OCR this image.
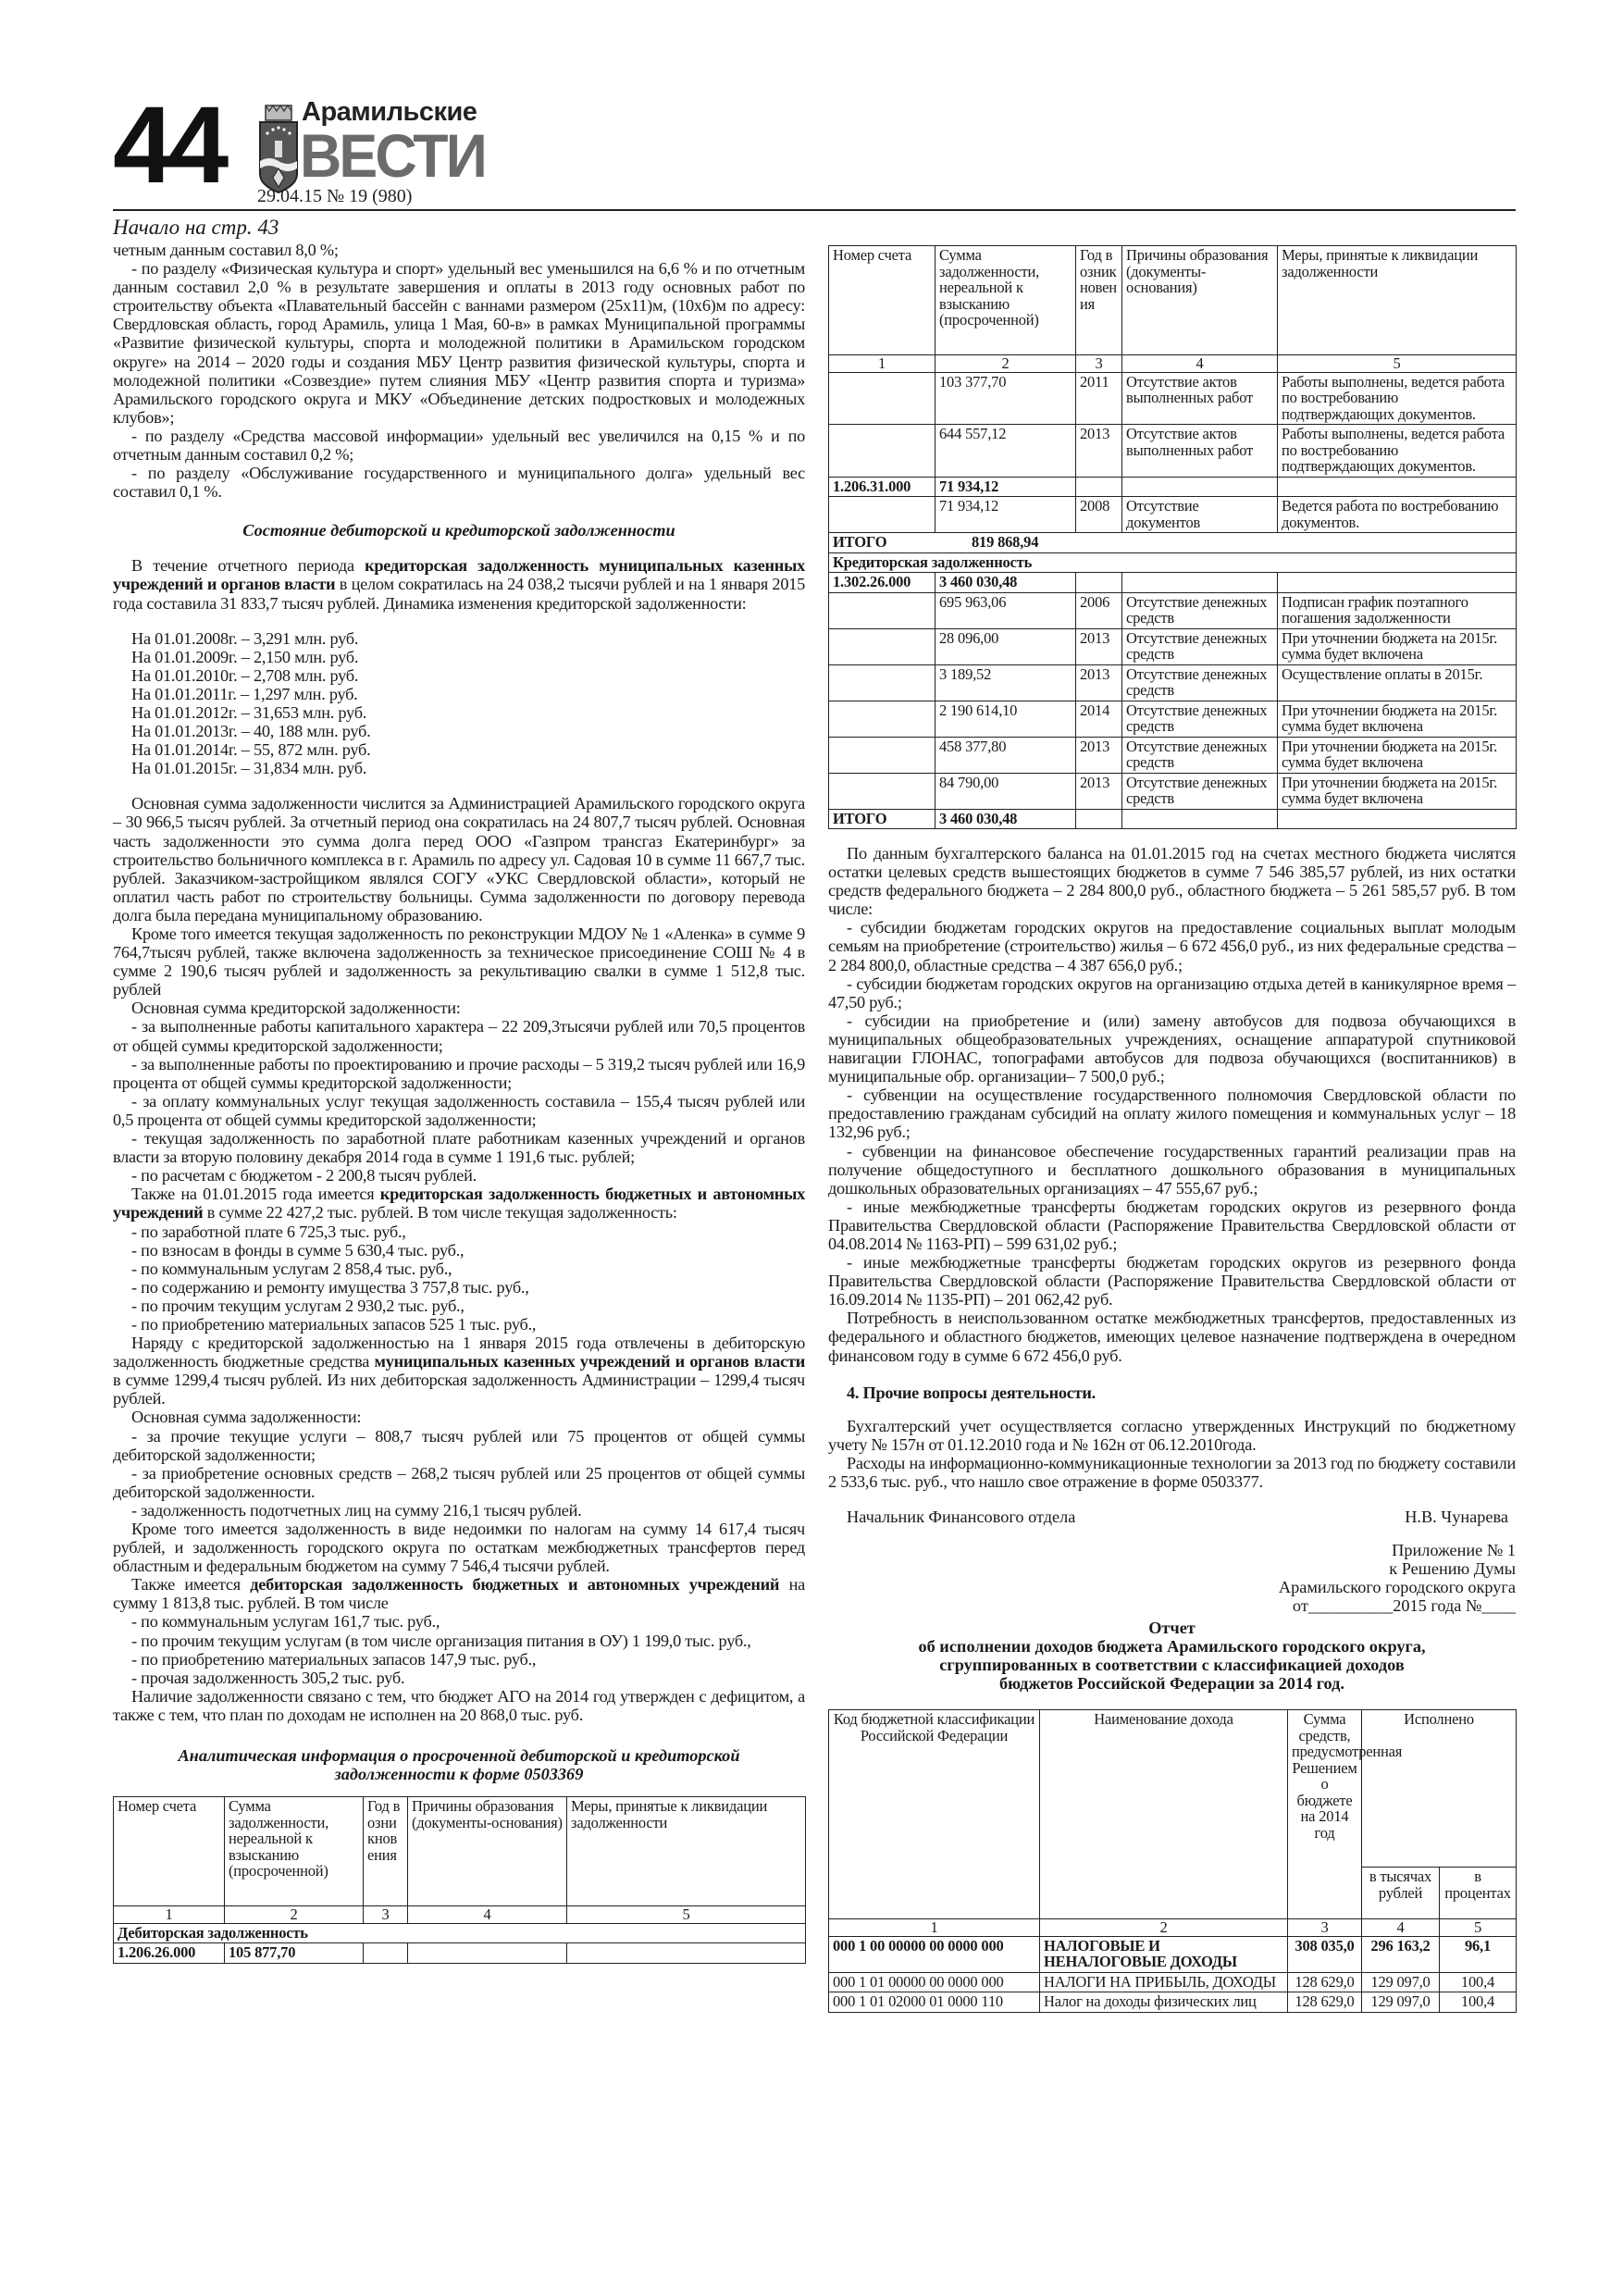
44	Арамильские
ВЕСТИ
29.04.15 № 19 (980)
Начало на стр. 43

четным данным составил 8,0 %;

- по разделу «Физическая культура и спорт» удельный вес уменьшился на 6,6 % и по отчетным данным составил 2,0 % в результате завершения и оплаты в 2013 году основных работ по строительству объекта «Плавательный бассейн с ваннами размером (25х11)м, (10х6)м по адресу: Свердловская область, город Арамиль, улица 1 Мая, 60-в» в рамках Муниципальной программы «Развитие физической культуры, спорта и молодежной политики в Арамильском городском округе» на 2014 – 2020 годы и создания МБУ Центр развития физической культуры, спорта и молодежной политики «Созвездие» путем слияния МБУ «Центр развития спорта и туризма» Арамильского городского округа и МКУ «Объединение детских подростковых и молодежных клубов»;

- по разделу «Средства массовой информации» удельный вес увеличился на 0,15 % и по отчетным данным составил 0,2 %;

- по разделу «Обслуживание государственного и муниципального долга» удельный вес составил 0,1 %.

Состояние дебиторской и кредиторской задолженности

В течение отчетного периода кредиторская задолженность муниципальных казенных учреждений и органов власти в целом сократилась на 24 038,2 тысячи рублей и на 1 января 2015 года составила 31 833,7 тысяч рублей. Динамика изменения кредиторской задолженности:

На 01.01.2008г. – 3,291 млн. руб.
На 01.01.2009г. – 2,150 млн. руб.
На 01.01.2010г. – 2,708 млн. руб.
На 01.01.2011г. – 1,297 млн. руб.
На 01.01.2012г. – 31,653 млн. руб.
На 01.01.2013г. – 40, 188 млн. руб.
На 01.01.2014г. – 55, 872 млн. руб.
На 01.01.2015г. – 31,834 млн. руб.

Основная сумма задолженности числится за Администрацией Арамильского городского округа – 30 966,5 тысяч рублей. За отчетный период она сократилась на 24 807,7 тысяч рублей. Основная часть задолженности это сумма долга перед ООО «Газпром трансгаз Екатеринбург» за строительство больничного комплекса в г. Арамиль по адресу ул. Садовая 10 в сумме 11 667,7 тыс. рублей. Заказчиком-застройщиком являлся СОГУ «УКС Свердловской области», который не оплатил часть работ по строительству больницы. Сумма задолженности по договору перевода долга была передана муниципальному образованию.

Кроме того имеется текущая задолженность по реконструкции МДОУ № 1 «Аленка» в сумме 9 764,7тысяч рублей, также включена задолженность за техническое присоединение СОШ № 4 в сумме 2 190,6 тысяч рублей и задолженность за рекультивацию свалки в сумме 1 512,8 тыс. рублей

Основная сумма кредиторской задолженности:

- за выполненные работы капитального характера – 22 209,3тысячи рублей или 70,5 процентов от общей суммы кредиторской задолженности;

- за выполненные работы по проектированию и прочие расходы – 5 319,2 тысяч рублей или 16,9 процента от общей суммы кредиторской задолженности;

- за оплату коммунальных услуг текущая задолженность составила – 155,4 тысяч рублей или 0,5 процента от общей суммы кредиторской задолженности;

- текущая задолженность по заработной плате работникам казенных учреждений и органов власти за вторую половину декабря 2014 года в сумме 1 191,6 тыс. рублей;

- по расчетам с бюджетом - 2 200,8 тысяч рублей.

Также на 01.01.2015 года имеется кредиторская задолженность бюджетных и автономных учреждений в сумме 22 427,2 тыс. рублей. В том числе текущая задолженность:

- по заработной плате 6 725,3 тыс. руб.,

- по взносам в фонды в сумме 5 630,4 тыс. руб.,

- по коммунальным услугам 2 858,4 тыс. руб.,

- по содержанию и ремонту имущества 3 757,8 тыс. руб.,

- по прочим текущим услугам 2 930,2 тыс. руб.,

- по приобретению материальных запасов 525 1 тыс. руб.,

Наряду с кредиторской задолженностью на 1 января 2015 года отвлечены в дебиторскую задолженность бюджетные средства муниципальных казенных учреждений и органов власти в сумме 1299,4 тысяч рублей. Из них дебиторская задолженность Администрации – 1299,4 тысяч рублей.

Основная сумма задолженности:

- за прочие текущие услуги – 808,7 тысяч рублей или 75 процентов от общей суммы дебиторской задолженности;

- за приобретение основных средств – 268,2 тысяч рублей или 25 процентов от общей суммы дебиторской задолженности.

- задолженность подотчетных лиц на сумму 216,1 тысяч рублей.

Кроме того имеется задолженность в виде недоимки по налогам на сумму 14 617,4 тысяч рублей, и задолженность городского округа по остаткам межбюджетных трансфертов перед областным и федеральным бюджетом на сумму 7 546,4 тысячи рублей.

Также имеется дебиторская задолженность бюджетных и автономных учреждений на сумму 1 813,8 тыс. рублей. В том числе

- по коммунальным услугам 161,7 тыс. руб.,

- по прочим текущим услугам (в том числе организация питания в ОУ) 1 199,0 тыс. руб.,

- по приобретению материальных запасов 147,9 тыс. руб.,

- прочая задолженность 305,2 тыс. руб.

Наличие задолженности связано с тем, что бюджет АГО на 2014 год утвержден с дефицитом, а также с тем, что план по доходам не исполнен на 20 868,0 тыс. руб.

Аналитическая информация о просроченной дебиторской и кредиторской задолженности к форме 0503369
Номер счета	Сумма задолженности, нереальной к взысканию (просроченной)	Год возникновения	Причины образования (документы-основания)	Меры, принятые к ликвидации задолженности
1	2	3	4	5
Дебиторская задолженность				
1.206.26.000	105 877,70			
Номер счета	Сумма задолженности, нереальной к взысканию (просроченной)	Год возникновения	Причины образования (документы-основания)	Меры, принятые к ликвидации задолженности
1	2	3	4	5
	103 377,70	2011	Отсутствие актов выполненных работ	Работы выполнены, ведется работа по востребованию подтверждающих документов.
	644 557,12	2013	Отсутствие актов выполненных работ	Работы выполнены, ведется работа по востребованию подтверждающих документов.
1.206.31.000	71 934,12			
	71 934,12	2008	Отсутствие документов	Ведется работа по востребованию документов.
ИТОГО 819 868,94				
Кредиторская задолженность				
1.302.26.000	3 460 030,48			
	695 963,06	2006	Отсутствие денежных средств	Подписан график поэтапного погашения задолженности
	28 096,00	2013	Отсутствие денежных средств	При уточнении бюджета на 2015г. сумма будет включена
	3 189,52	2013	Отсутствие денежных средств	Осуществление оплаты в 2015г.
	2 190 614,10	2014	Отсутствие денежных средств	При уточнении бюджета на 2015г. сумма будет включена
	458 377,80	2013	Отсутствие денежных средств	При уточнении бюджета на 2015г. сумма будет включена
	84 790,00	2013	Отсутствие денежных средств	При уточнении бюджета на 2015г. сумма будет включена
ИТОГО	3 460 030,48			

По данным бухгалтерского баланса на 01.01.2015 год на счетах местного бюджета числятся остатки целевых средств вышестоящих бюджетов в сумме 7 546 385,57 рублей, из них остатки средств федерального бюджета – 2 284 800,0 руб., областного бюджета – 5 261 585,57 руб. В том числе:

- субсидии бюджетам городских округов на предоставление социальных выплат молодым семьям на приобретение (строительство) жилья – 6 672 456,0 руб., из них федеральные средства – 2 284 800,0, областные средства – 4 387 656,0 руб.;

- субсидии бюджетам городских округов на организацию отдыха детей в каникулярное время – 47,50 руб.;

- субсидии на приобретение и (или) замену автобусов для подвоза обучающихся в муниципальных общеобразовательных учреждениях, оснащение аппаратурой спутниковой навигации ГЛОНАС, топографами автобусов для подвоза обучающихся (воспитанников) в муниципальные обр. организации– 7 500,0 руб.;

- субвенции на осуществление государственного полномочия Свердловской области по предоставлению гражданам субсидий на оплату жилого помещения и коммунальных услуг – 18 132,96 руб.;

- субвенции на финансовое обеспечение государственных гарантий реализации прав на получение общедоступного и бесплатного дошкольного образования в муниципальных дошкольных образовательных организациях – 47 555,67 руб.;

- иные межбюджетные трансферты бюджетам городских округов из резервного фонда Правительства Свердловской области (Распоряжение Правительства Свердловской области от 04.08.2014 № 1163-РП) – 599 631,02 руб.;

- иные межбюджетные трансферты бюджетам городских округов из резервного фонда Правительства Свердловской области (Распоряжение Правительства Свердловской области от 16.09.2014 № 1135-РП) – 201 062,42 руб.

Потребность в неиспользованном остатке межбюджетных трансфертов, предоставленных из федерального и областного бюджетов, имеющих целевое назначение подтверждена в очередном финансовом году в сумме 6 672 456,0 руб.

4. Прочие вопросы деятельности.

Бухгалтерский учет осуществляется согласно утвержденных Инструкций по бюджетному учету № 157н от 01.12.2010 года и № 162н от 06.12.2010года.

Расходы на информационно-коммуникационные технологии за 2013 год по бюджету составили 2 533,6 тыс. руб., что нашло свое отражение в форме 0503377.

Начальник Финансового отдела	Н.В. Чунарева
Приложение № 1
к Решению Думы
Арамильского городского округа
от__________2015 года №____
Отчет
об исполнении доходов бюджета Арамильского городского округа,
сгруппированных в соответствии с классификацией доходов
бюджетов Российской Федерации за 2014 год.
Код бюджетной классификации Российской Федерации	Наименование дохода	Сумма средств, предусмотренная Решением о бюджете на 2014 год	Исполнено	
			в тысячах рублей	в процентах
1	2	3	4	5
000 1 00 00000 00 0000 000	НАЛОГОВЫЕ И НЕНАЛОГОВЫЕ ДОХОДЫ	308 035,0	296 163,2	96,1
000 1 01 00000 00 0000 000	НАЛОГИ НА ПРИБЫЛЬ, ДОХОДЫ	128 629,0	129 097,0	100,4
000 1 01 02000 01 0000 110	Налог на доходы физических лиц	128 629,0	129 097,0	100,4
